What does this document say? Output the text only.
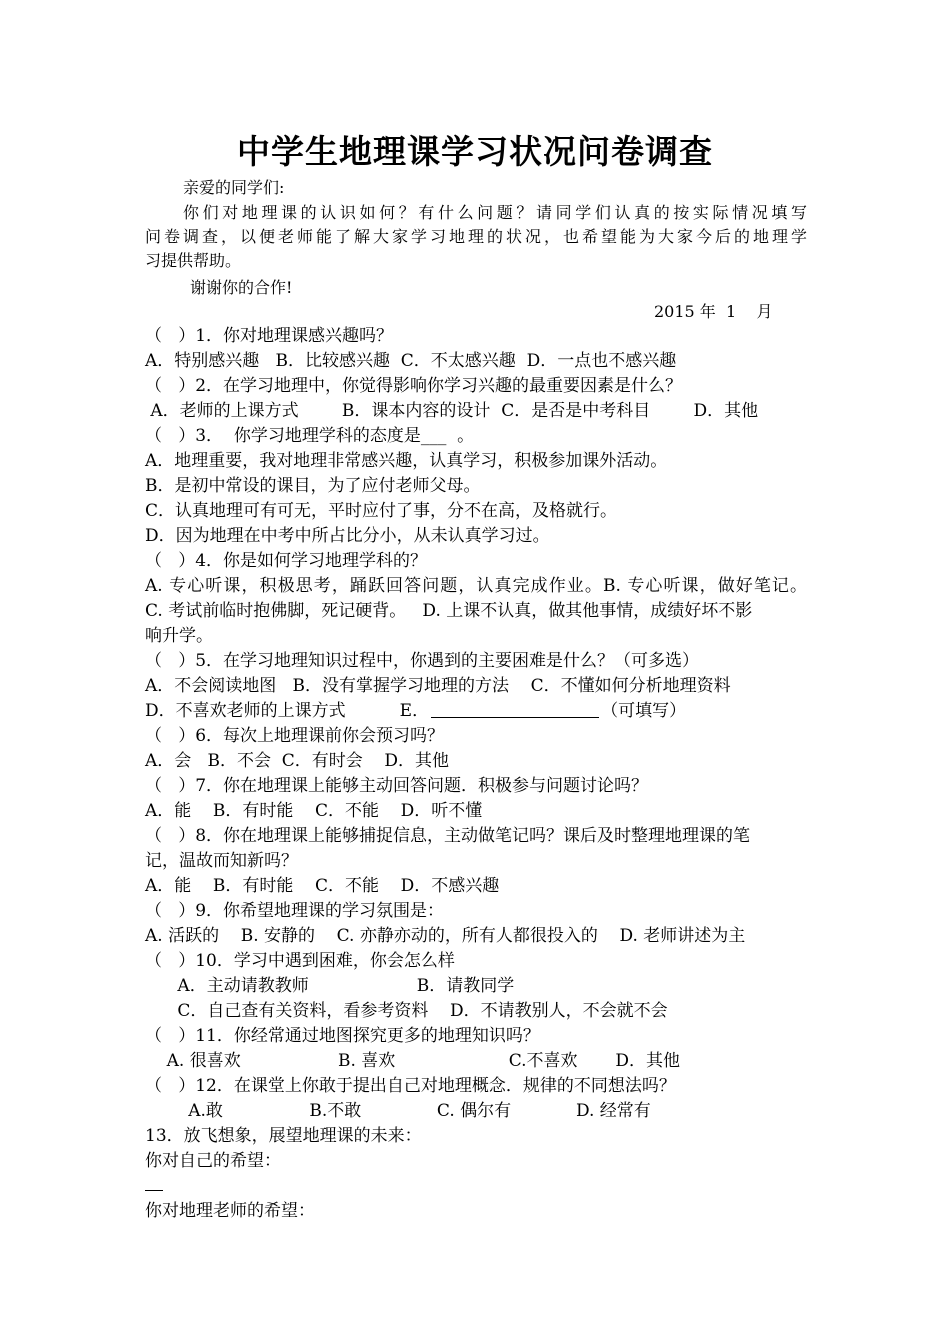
中学生地理课学习状况问卷调查
亲爱的同学们:
你们对地理课的认识如何？有什么问题？请同学们认真的按实际情况填写
问卷调查，以便老师能了解大家学习地理的状况，也希望能为大家今后的地理学
习提供帮助。
谢谢你的合作!
2015 年  1    月
（   ）1．你对地理课感兴趣吗？
A．特别感兴趣   B．比较感兴趣  C．不太感兴趣  D．一点也不感兴趣
（   ）2．在学习地理中，你觉得影响你学习兴趣的最重要因素是什么？
A．老师的上课方式        B．课本内容的设计  C．是否是中考科目        D．其他
（   ）3．  你学习地理学科的态度是___  。
A．地理重要，我对地理非常感兴趣，认真学习，积极参加课外活动。
B．是初中常设的课目，为了应付老师父母。
C．认真地理可有可无，平时应付了事，分不在高，及格就行。
D．因为地理在中考中所占比分小，从未认真学习过。
（   ）4．你是如何学习地理学科的？
A. 专心听课，积极思考，踊跃回答问题，认真完成作业。B. 专心听课，做好笔记。
C. 考试前临时抱佛脚，死记硬背。   D. 上课不认真，做其他事情，成绩好坏不影
响升学。
（   ）5．在学习地理知识过程中，你遇到的主要困难是什么？（可多选）
A．不会阅读地图   B．没有掌握学习地理的方法    C．不懂如何分析地理资料
D．不喜欢老师的上课方式          E．	（可填写）
（   ）6．每次上地理课前你会预习吗？
A．会   B．不会  C．有时会    D．其他
（   ）7．你在地理课上能够主动回答问题．积极参与问题讨论吗？
A．能    B．有时能    C．不能    D．听不懂
（   ）8．你在地理课上能够捕捉信息，主动做笔记吗？课后及时整理地理课的笔
记，温故而知新吗？
A．能    B．有时能    C．不能    D．不感兴趣
（   ）9．你希望地理课的学习氛围是：
A. 活跃的    B. 安静的    C. 亦静亦动的，所有人都很投入的    D. 老师讲述为主
（   ）10．学习中遇到困难，你会怎么样
A．主动请教教师                    B．请教同学
C．自己查有关资料，看参考资料    D．不请教别人，不会就不会
（   ）11．你经常通过地图探究更多的地理知识吗？
A. 很喜欢                  B. 喜欢                     C.不喜欢       D．其他
（   ）12．在课堂上你敢于提出自己对地理概念．规律的不同想法吗？
A.敢                B.不敢              C. 偶尔有            D. 经常有
13．放飞想象，展望地理课的未来：
你对自己的希望：
你对地理老师的希望：
